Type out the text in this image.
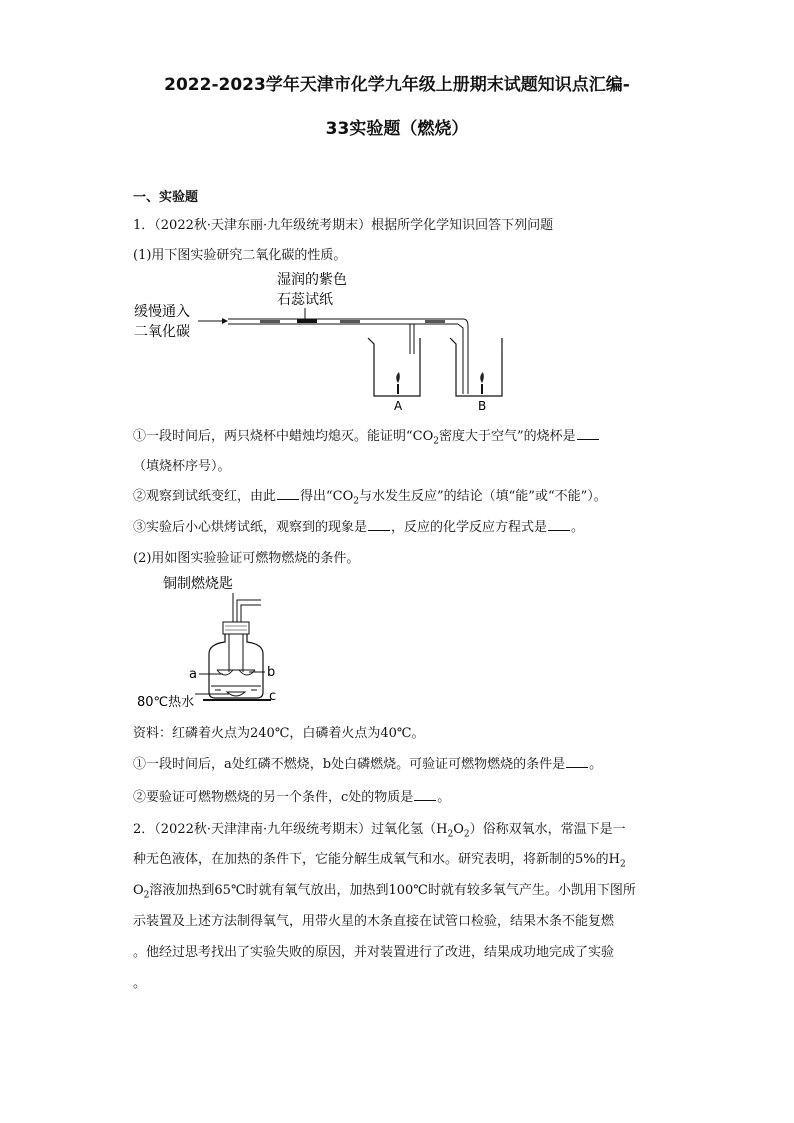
2022-2023学年天津市化学九年级上册期末试题知识点汇编-
33实验题（燃烧）
一、实验题
1．（2022秋·天津东丽·九年级统考期末）根据所学化学知识回答下列问题
(1)用下图实验研究二氧化碳的性质。
湿润的紫色
石蕊试纸
缓慢通入
二氧化碳
A	B
①一段时间后，两只烧杯中蜡烛均熄灭。能证明“$CO_2$密度大于空气”的烧杯是
（填烧杯序号）。
②观察到试纸变红，由此 得出“$CO_2$与水发生反应”的结论（填“能”或“不能”）。
③实验后小心烘烤试纸，观察到的现象是 ，反应的化学反应方程式是 。
(2)用如图实验验证可燃物燃烧的条件。
铜制燃烧匙
a	b
c
80℃热水
资料：红磷着火点为240℃，白磷着火点为40℃。
①一段时间后，a处红磷不燃烧，b处白磷燃烧。可验证可燃物燃烧的条件是 。
②要验证可燃物燃烧的另一个条件，c处的物质是 。
2．（2022秋·天津津南·九年级统考期末）过氧化氢$(H_2O_2)$俗称双氧水，常温下是一
种无色液体，在加热的条件下，它能分解生成氧气和水。研究表明，将新制的5%的$H_2$
$O_2$溶液加热到65℃时就有氧气放出，加热到100℃时就有较多氧气产生。小凯用下图所
示装置及上述方法制得氧气，用带火星的木条直接在试管口检验，结果木条不能复燃
。他经过思考找出了实验失败的原因，并对装置进行了改进，结果成功地完成了实验
。
